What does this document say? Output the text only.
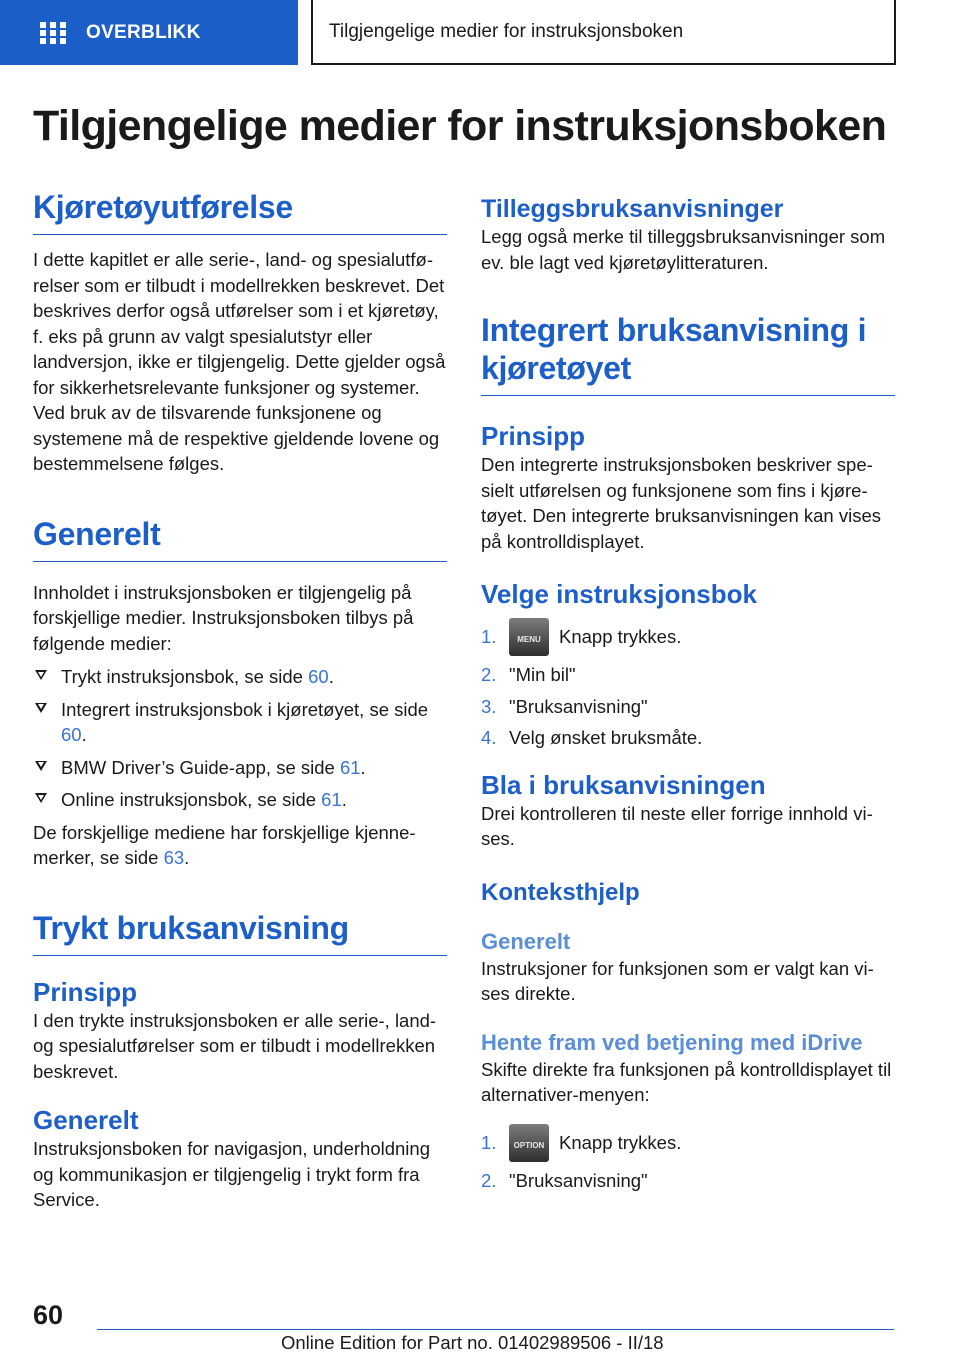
OVERBLIKK	Tilgjengelige medier for instruksjonsboken
Tilgjengelige medier for instruksjonsboken
Kjøretøyutførelse

I dette kapitlet er alle serie-, land- og spesialutførelser som er tilbudt i modellrekken beskrevet. Det beskrives derfor også utførelser som i et kjøretøy, f. eks på grunn av valgt spesialutstyr eller landversjon, ikke er tilgjengelig. Dette gjelder også for sikkerhetsrelevante funksjoner og systemer. Ved bruk av de tilsvarende funksjonene og systemene må de respektive gjeldende lovene og bestemmelsene følges.

Generelt

Innholdet i instruksjonsboken er tilgjengelig på forskjellige medier. Instruksjonsboken tilbys på følgende medier:

Trykt instruksjonsbok, se side 60.
Integrert instruksjonsbok i kjøretøyet, se side 60.
BMW Driver’s Guide-app, se side 61.
Online instruksjonsbok, se side 61.

De forskjellige mediene har forskjellige kjennemerker, se side 63.

Trykt bruksanvisning
Prinsipp

I den trykte instruksjonsboken er alle serie-, land- og spesialutførelser som er tilbudt i modellrekken beskrevet.

Generelt

Instruksjonsboken for navigasjon, underholdning og kommunikasjon er tilgjengelig i trykt form fra Service.

Tilleggsbruksanvisninger

Legg også merke til tilleggsbruksanvisninger som ev. ble lagt ved kjøretøylitteraturen.

Integrert bruksanvisning i kjøretøyet
Prinsipp

Den integrerte instruksjonsboken beskriver spesielt utførelsen og funksjonene som fins i kjøretøyet. Den integrerte bruksanvisningen kan vises på kontrolldisplayet.

Velge instruksjonsbok
1.	MENU Knapp trykkes.
2. "Min bil"
3. "Bruksanvisning"
4. Velg ønsket bruksmåte.
Bla i bruksanvisningen

Drei kontrolleren til neste eller forrige innhold vises.

Konteksthjelp
Generelt

Instruksjoner for funksjonen som er valgt kan vises direkte.

Hente fram ved betjening med iDrive

Skifte direkte fra funksjonen på kontrolldisplayet til alternativer-menyen:

1.	OPTION Knapp trykkes.
2. "Bruksanvisning"
60
Online Edition for Part no. 01402989506 - II/18
